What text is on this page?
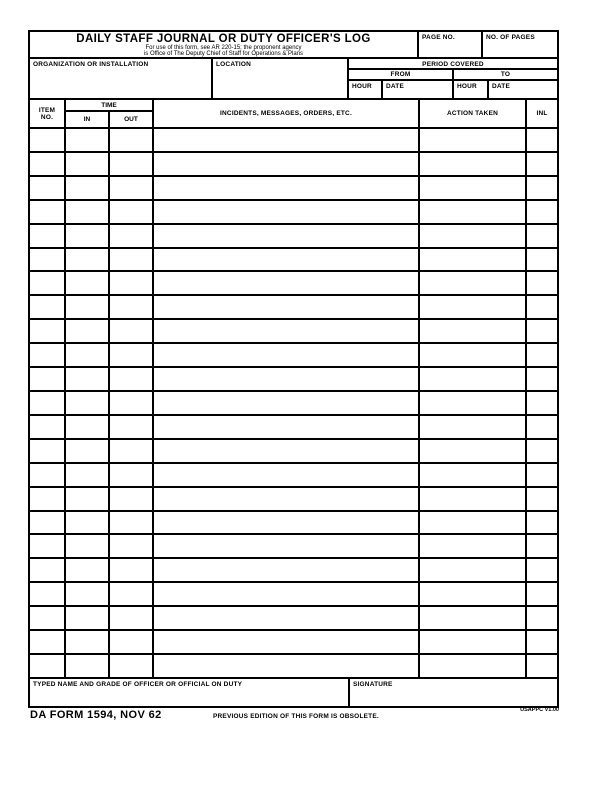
DAILY STAFF JOURNAL OR DUTY OFFICER'S LOG
For use of this form, see AR 220-15; the proponent agency
is Office of The Deputy Chief of Staff for Operations & Plans
PAGE NO.	NO. OF PAGES
ORGANIZATION OR INSTALLATION	LOCATION	PERIOD COVERED
FROM	TO
HOUR	DATE	HOUR	DATE
ITEM
NO.
TIME
IN	OUT
INCIDENTS, MESSAGES, ORDERS, ETC.	ACTION TAKEN	INL
TYPED NAME AND GRADE OF OFFICER OR OFFICIAL ON DUTY	SIGNATURE
DA FORM 1594, NOV 62	PREVIOUS EDITION OF THIS FORM IS OBSOLETE.
USAPPC V1.00
